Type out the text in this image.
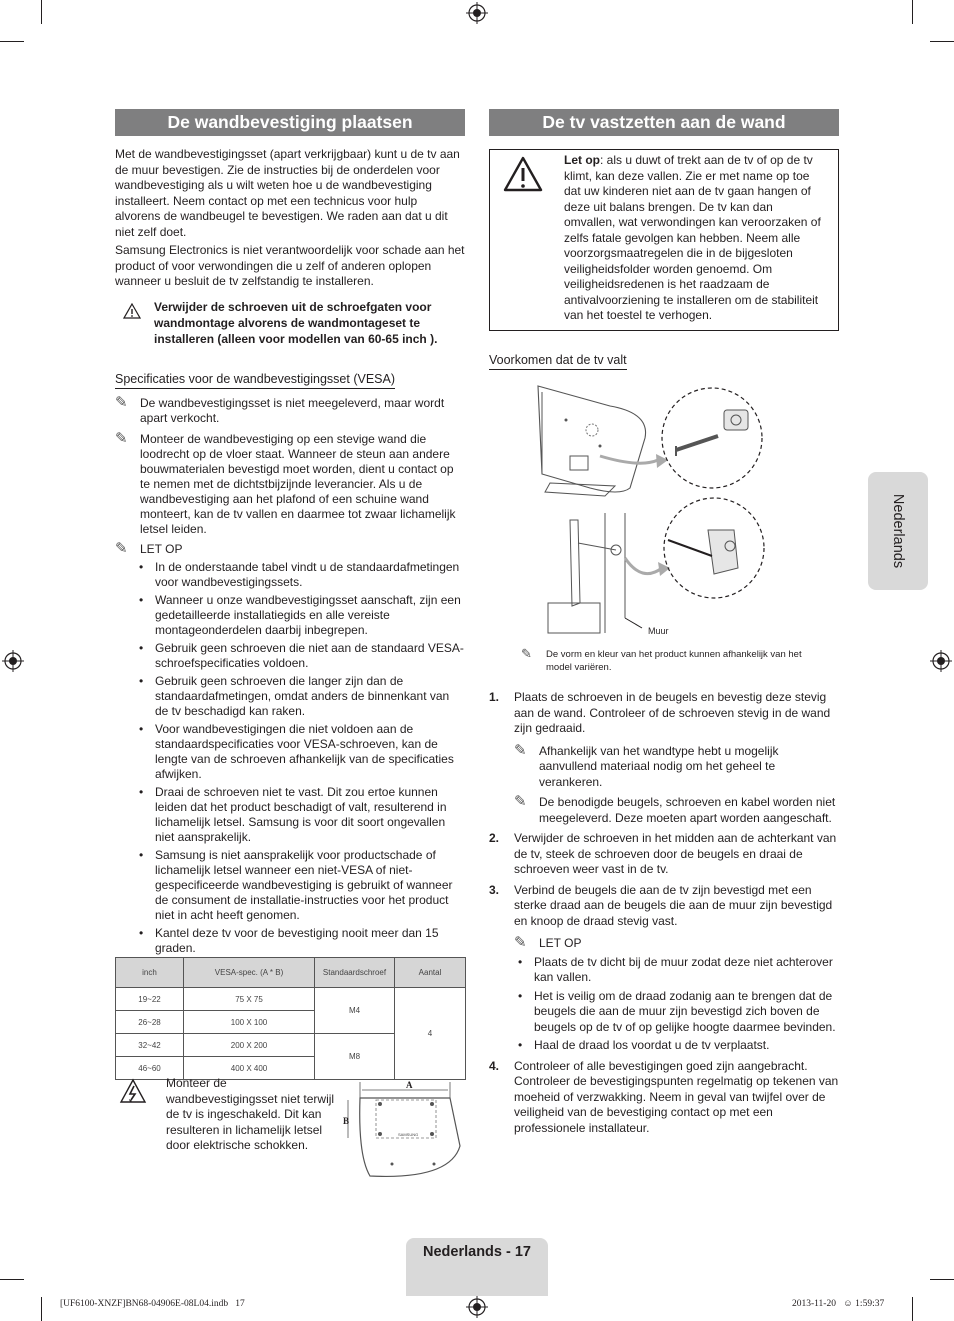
De wandbevestiging plaatsen

Met de wandbevestigingsset (apart verkrijgbaar) kunt u de tv aan de muur bevestigen. Zie de instructies bij de onderdelen voor wandbevestiging als u wilt weten hoe u de wandbevestiging installeert. Neem contact op met een technicus voor hulp alvorens de wandbeugel te bevestigen. We raden aan dat u dit niet zelf doet.

Samsung Electronics is niet verantwoordelijk voor schade aan het product of voor verwondingen die u zelf of anderen oplopen wanneer u besluit de tv zelfstandig te installeren.

Verwijder de schroeven uit de schroefgaten voor wandmontage alvorens de wandmontageset te installeren (alleen voor modellen van 60-65 inch ).
Specificaties voor de wandbevestigingsset (VESA)

✎ De wandbevestigingsset is niet meegeleverd, maar wordt apart verkocht.

✎ Monteer de wandbevestiging op een stevige wand die loodrecht op de vloer staat. Wanneer de steun aan andere bouwmaterialen bevestigd moet worden, dient u contact op te nemen met de dichtstbijzijnde leverancier. Als u de wandbevestiging aan het plafond of een schuine wand monteert, kan de tv vallen en daarmee tot zwaar lichamelijk letsel leiden.

✎ LET OP

• In de onderstaande tabel vindt u de standaardafmetingen voor wandbevestigingssets.
• Wanneer u onze wandbevestigingsset aanschaft, zijn een gedetailleerde installatiegids en alle vereiste montageonderdelen daarbij inbegrepen.
• Gebruik geen schroeven die niet aan de standaard VESA-schroefspecificaties voldoen.
• Gebruik geen schroeven die langer zijn dan de standaardafmetingen, omdat anders de binnenkant van de tv beschadigd kan raken.
• Voor wandbevestigingen die niet voldoen aan de standaardspecificaties voor VESA-schroeven, kan de lengte van de schroeven afhankelijk van de specificaties afwijken.
• Draai de schroeven niet te vast. Dit zou ertoe kunnen leiden dat het product beschadigt of valt, resulterend in lichamelijk letsel. Samsung is voor dit soort ongevallen niet aansprakelijk.
• Samsung is niet aansprakelijk voor productschade of lichamelijk letsel wanneer een niet-VESA of niet-gespecificeerde wandbevestiging is gebruikt of wanneer de consument de installatie-instructies voor het product niet in acht heeft genomen.
• Kantel deze tv voor de bevestiging nooit meer dan 15 graden.
inch	VESA-spec. (A * B)	Standaardschroef	Aantal
19~22	75 X 75	M4	4
26~28	100 X 100		
32~42	200 X 200	M8	
46~60	400 X 400		
Monteer de wandbevestigingsset niet terwijl de tv is ingeschakeld. Dit kan resulteren in lichamelijk letsel door elektrische schokken.
A
B
SAMSUNG
De tv vastzetten aan de wand
Let op: als u duwt of trekt aan de tv of op de tv klimt, kan deze vallen. Zie er met name op toe dat uw kinderen niet aan de tv gaan hangen of deze uit balans brengen. De tv kan dan omvallen, wat verwondingen kan veroorzaken of zelfs fatale gevolgen kan hebben. Neem alle voorzorgsmaatregelen die in de bijgesloten veiligheidsfolder worden genoemd. Om veiligheidsredenen is het raadzaam de antivalvoorziening te installeren om de stabiliteit van het toestel te verhogen.
Voorkomen dat de tv valt
Muur

✎ De vorm en kleur van het product kunnen afhankelijk van het model variëren.

1. Plaats de schroeven in de beugels en bevestig deze stevig aan de wand. Controleer of de schroeven stevig in de wand zijn gedraaid.

✎ Afhankelijk van het wandtype hebt u mogelijk aanvullend materiaal nodig om het geheel te verankeren.

✎ De benodigde beugels, schroeven en kabel worden niet meegeleverd. Deze moeten apart worden aangeschaft.

2. Verwijder de schroeven in het midden aan de achterkant van de tv, steek de schroeven door de beugels en draai de schroeven weer vast in de tv.
3. Verbind de beugels die aan de tv zijn bevestigd met een sterke draad aan de beugels die aan de muur zijn bevestigd en knoop de draad stevig vast.

✎ LET OP

• Plaats de tv dicht bij de muur zodat deze niet achterover kan vallen.
• Het is veilig om de draad zodanig aan te brengen dat de beugels die aan de muur zijn bevestigd zich boven de beugels op de tv of op gelijke hoogte daarmee bevinden.
• Haal de draad los voordat u de tv verplaatst.
4. Controleer of alle bevestigingen goed zijn aangebracht. Controleer de bevestigingspunten regelmatig op tekenen van moeheid of verzwakking. Neem in geval van twijfel over de veiligheid van de bevestiging contact op met een professionele installateur.
Nederlands
Nederlands - 17
[UF6100-XNZF]BN68-04906E-08L04.indb   17	2013-11-20   ☺ 1:59:37
